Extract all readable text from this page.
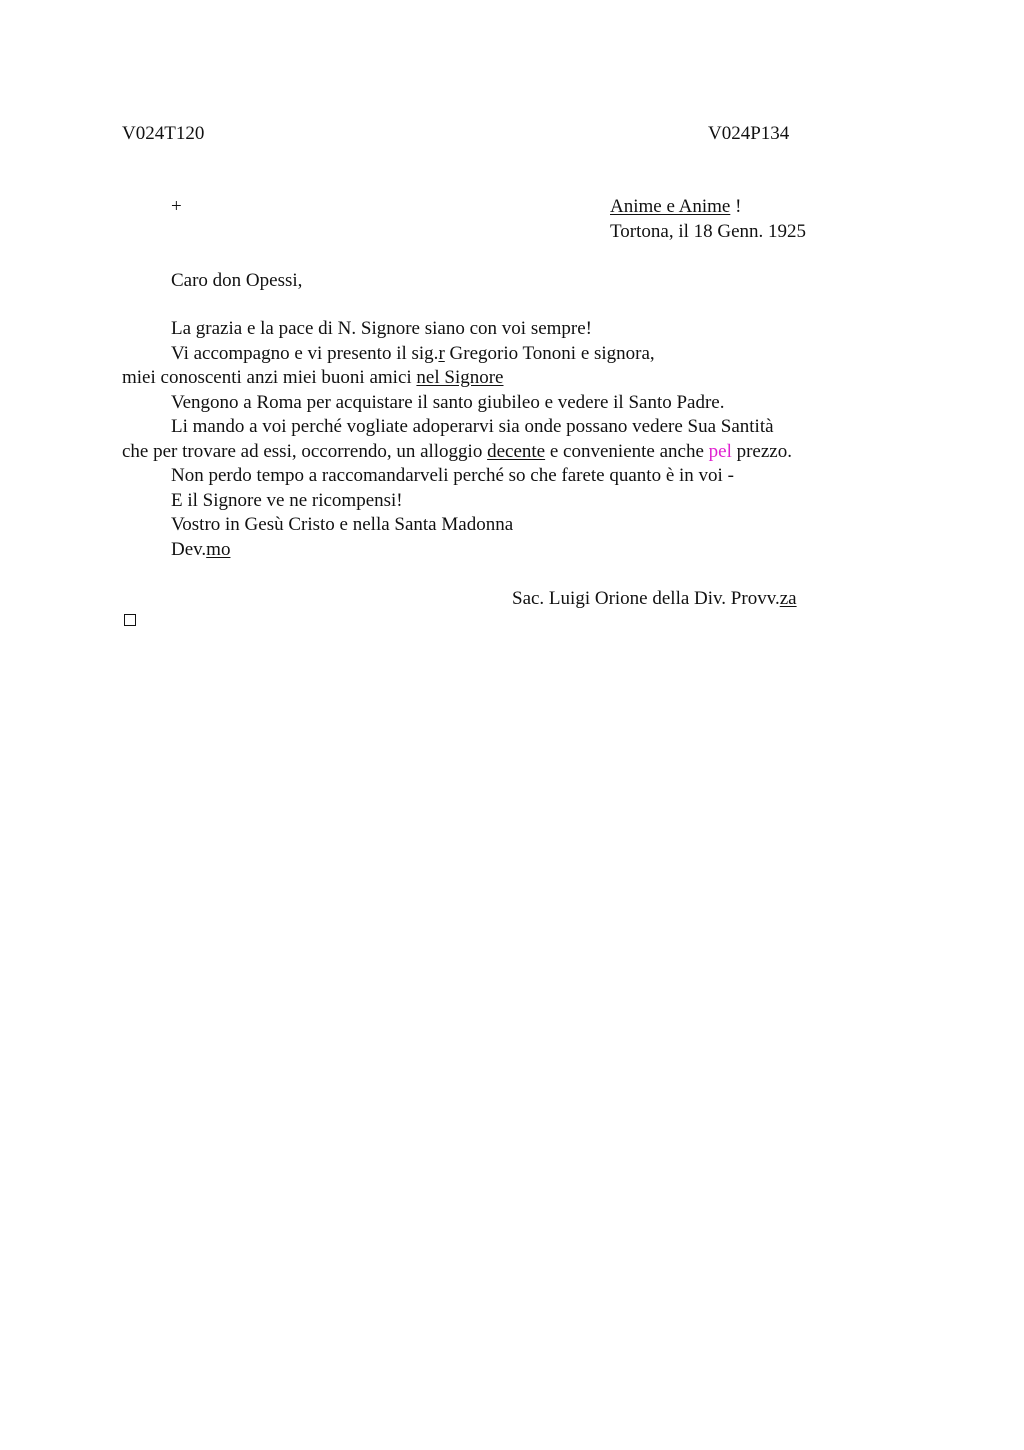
V024T120	V024P134
+	Anime e Anime !
Tortona, il 18 Genn. 1925
Caro don Opessi,
La grazia e la pace di N. Signore siano con voi sempre!
Vi accompagno e vi presento il sig.r Gregorio Tononi e signora,
miei conoscenti anzi miei buoni amici nel Signore
Vengono a Roma per acquistare il santo giubileo e vedere il Santo Padre.
Li mando a voi perché vogliate adoperarvi sia onde possano vedere Sua Santità
che per trovare ad essi, occorrendo, un alloggio decente e conveniente anche pel prezzo.
Non perdo tempo a raccomandarveli perché so che farete quanto è in voi -
E il Signore ve ne ricompensi!
Vostro in Gesù Cristo e nella Santa Madonna
Dev.mo
Sac. Luigi Orione della Div. Provv.za
